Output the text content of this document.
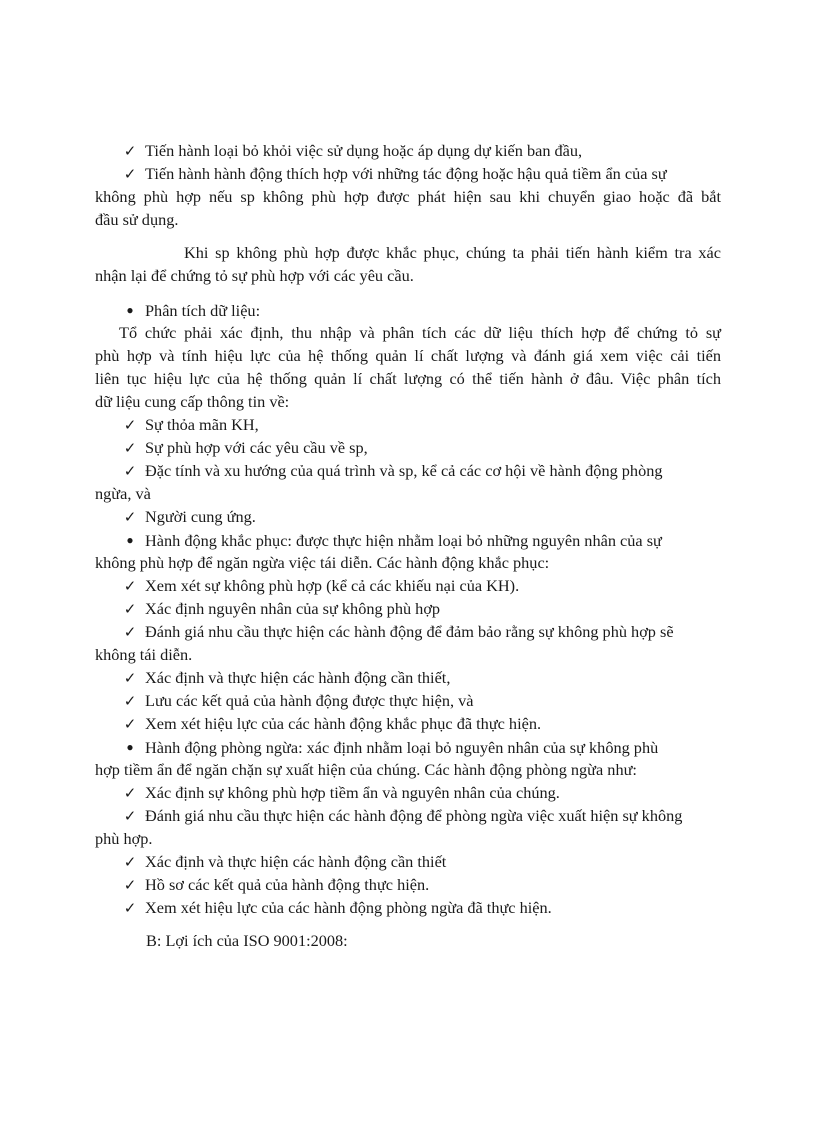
✓ Tiến hành loại bỏ khỏi việc sử dụng hoặc áp dụng dự kiến ban đầu,
✓ Tiến hành hành động thích hợp với những tác động hoặc hậu quả tiềm ẩn của sự
không phù hợp nếu sp không phù hợp được phát hiện sau khi chuyển giao hoặc đã bắt
đầu sử dụng.
Khi sp không phù hợp được khắc phục, chúng ta phải tiến hành kiểm tra xác
nhận lại để chứng tỏ sự phù hợp với các yêu cầu.
● Phân tích dữ liệu:
Tổ chức phải xác định, thu nhập và phân tích các dữ liệu thích hợp để chứng tỏ sự
phù hợp và tính hiệu lực của hệ thống quản lí chất lượng và đánh giá xem việc cải tiến
liên tục hiệu lực của hệ thống quản lí chất lượng có thể tiến hành ở đâu. Việc phân tích
dữ liệu cung cấp thông tin về:
✓ Sự thỏa mãn KH,
✓ Sự phù hợp với các yêu cầu về sp,
✓ Đặc tính và xu hướng của quá trình và sp, kể cả các cơ hội về hành động phòng
ngừa, và
✓ Người cung ứng.
● Hành động khắc phục: được thực hiện nhằm loại bỏ những nguyên nhân của sự
không phù hợp để ngăn ngừa việc tái diễn. Các hành động khắc phục:
✓ Xem xét sự không phù hợp (kể cả các khiếu nại của KH).
✓ Xác định nguyên nhân của sự không phù hợp
✓ Đánh giá nhu cầu thực hiện các hành động để đảm bảo rằng sự không phù hợp sẽ
không tái diễn.
✓ Xác định và thực hiện các hành động cần thiết,
✓ Lưu các kết quả của hành động được thực hiện, và
✓ Xem xét hiệu lực của các hành động khắc phục đã thực hiện.
● Hành động phòng ngừa: xác định nhằm loại bỏ nguyên nhân của sự không phù
hợp tiềm ẩn để ngăn chặn sự xuất hiện của chúng. Các hành động phòng ngừa như:
✓ Xác định sự không phù hợp tiềm ẩn và nguyên nhân của chúng.
✓ Đánh giá nhu cầu thực hiện các hành động để phòng ngừa việc xuất hiện sự không
phù hợp.
✓ Xác định và thực hiện các hành động cần thiết
✓ Hồ sơ các kết quả của hành động thực hiện.
✓ Xem xét hiệu lực của các hành động phòng ngừa đã thực hiện.
B: Lợi ích của ISO 9001:2008:
